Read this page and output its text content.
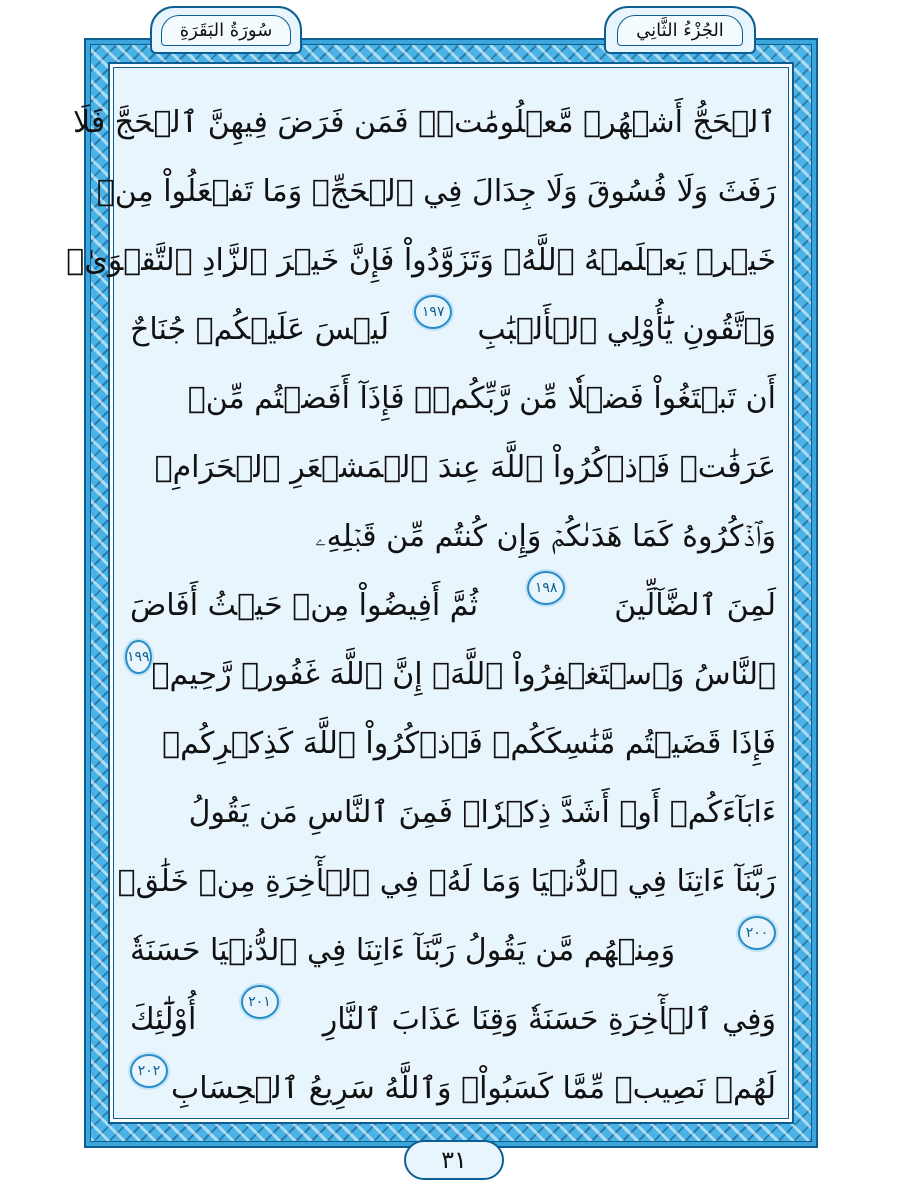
سُورَةُ البَقَرَةِ	الجُزْءُ الثَّانِي
ٱلۡحَجُّ أَشۡهُرٞ مَّعۡلُومَٰتٞۚ فَمَن فَرَضَ فِيهِنَّ ٱلۡحَجَّ فَلَا
رَفَثَ وَلَا فُسُوقَ وَلَا جِدَالَ فِي ٱلۡحَجِّۗ وَمَا تَفۡعَلُواْ مِنۡ
خَيۡرٖ يَعۡلَمۡهُ ٱللَّهُۗ وَتَزَوَّدُواْ فَإِنَّ خَيۡرَ ٱلزَّادِ ٱلتَّقۡوَىٰۖ
وَٱتَّقُونِ يَٰٓأُوْلِي ٱلۡأَلۡبَٰبِ
١٩٧
لَيۡسَ عَلَيۡكُمۡ جُنَاحٌ
أَن تَبۡتَغُواْ فَضۡلٗا مِّن رَّبِّكُمۡۚ فَإِذَآ أَفَضۡتُم مِّنۡ
عَرَفَٰتٖ فَٱذۡكُرُواْ ٱللَّهَ عِندَ ٱلۡمَشۡعَرِ ٱلۡحَرَامِۖ
وَٱذۡكُرُوهُ كَمَا هَدَىٰكُمۡ وَإِن كُنتُم مِّن قَبۡلِهِۦ
لَمِنَ ٱلضَّآلِّينَ
١٩٨
ثُمَّ أَفِيضُواْ مِنۡ حَيۡثُ أَفَاضَ
ٱلنَّاسُ وَٱسۡتَغۡفِرُواْ ٱللَّهَۚ إِنَّ ٱللَّهَ غَفُورٞ رَّحِيمٞ
١٩٩
فَإِذَا قَضَيۡتُم مَّنَٰسِكَكُمۡ فَٱذۡكُرُواْ ٱللَّهَ كَذِكۡرِكُمۡ
ءَابَآءَكُمۡ أَوۡ أَشَدَّ ذِكۡرٗاۗ فَمِنَ ٱلنَّاسِ مَن يَقُولُ
رَبَّنَآ ءَاتِنَا فِي ٱلدُّنۡيَا وَمَا لَهُۥ فِي ٱلۡأٓخِرَةِ مِنۡ خَلَٰقٖ
٢٠٠
وَمِنۡهُم مَّن يَقُولُ رَبَّنَآ ءَاتِنَا فِي ٱلدُّنۡيَا حَسَنَةٗ
وَفِي ٱلۡأٓخِرَةِ حَسَنَةٗ وَقِنَا عَذَابَ ٱلنَّارِ
٢٠١
أُوْلَٰٓئِكَ
لَهُمۡ نَصِيبٞ مِّمَّا كَسَبُواْۚ وَٱللَّهُ سَرِيعُ ٱلۡحِسَابِ
٢٠٢
٣١
